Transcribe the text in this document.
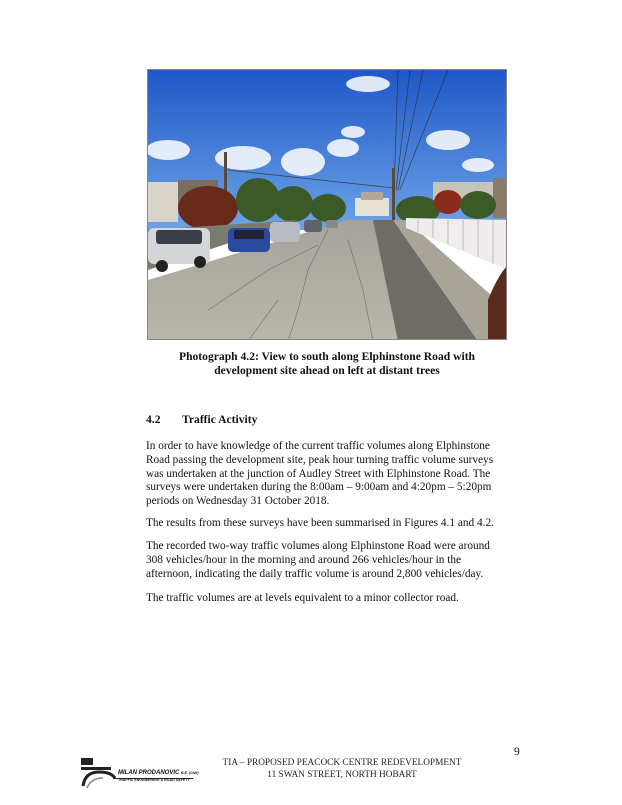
Photograph 4.2: View to south along Elphinstone Road with
development site ahead on left at distant trees
4.2 Traffic Activity
In order to have knowledge of the current traffic volumes along Elphinstone
Road passing the development site, peak hour turning traffic volume surveys
was undertaken at the junction of Audley Street with Elphinstone Road. The
surveys were undertaken during the 8:00am – 9:00am and 4:20pm – 5:20pm
periods on Wednesday 31 October 2018.
The results from these surveys have been summarised in Figures 4.1 and 4.2.
The recorded two-way traffic volumes along Elphinstone Road were around
308 vehicles/hour in the morning and around 266 vehicles/hour in the
afternoon, indicating the daily traffic volume is around 2,800 vehicles/day.
The traffic volumes are at levels equivalent to a minor collector road.
9
TIA – PROPOSED PEACOCK CENTRE REDEVELOPMENT
11 SWAN STREET, NORTH HOBART
MILAN PRODANOVIC B.E. (Civil)
TRAFFIC ENGINEERING & ROAD SAFETY
